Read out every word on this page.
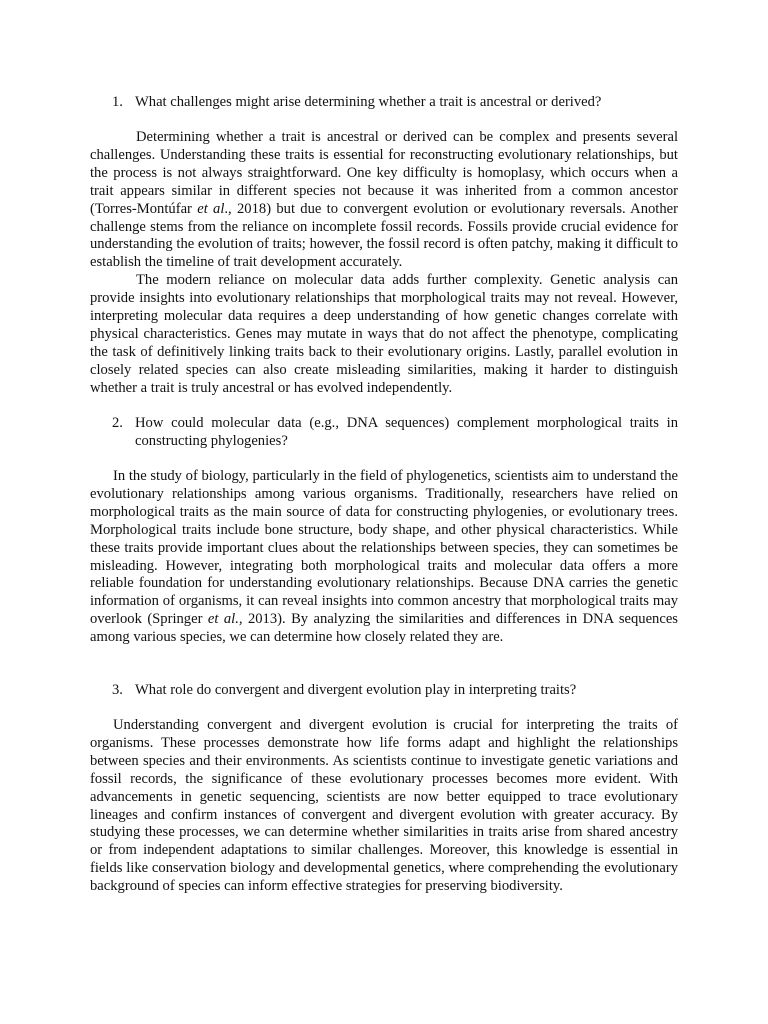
1. What challenges might arise determining whether a trait is ancestral or derived?

Determining whether a trait is ancestral or derived can be complex and presents several challenges. Understanding these traits is essential for reconstructing evolutionary relationships, but the process is not always straightforward. One key difficulty is homoplasy, which occurs when a trait appears similar in different species not because it was inherited from a common ancestor (Torres-Montúfar et al., 2018) but due to convergent evolution or evolutionary reversals. Another challenge stems from the reliance on incomplete fossil records. Fossils provide crucial evidence for understanding the evolution of traits; however, the fossil record is often patchy, making it difficult to establish the timeline of trait development accurately.

The modern reliance on molecular data adds further complexity. Genetic analysis can provide insights into evolutionary relationships that morphological traits may not reveal. However, interpreting molecular data requires a deep understanding of how genetic changes correlate with physical characteristics. Genes may mutate in ways that do not affect the phenotype, complicating the task of definitively linking traits back to their evolutionary origins. Lastly, parallel evolution in closely related species can also create misleading similarities, making it harder to distinguish whether a trait is truly ancestral or has evolved independently.

2. How could molecular data (e.g., DNA sequences) complement morphological traits in constructing phylogenies?

In the study of biology, particularly in the field of phylogenetics, scientists aim to understand the evolutionary relationships among various organisms. Traditionally, researchers have relied on morphological traits as the main source of data for constructing phylogenies, or evolutionary trees. Morphological traits include bone structure, body shape, and other physical characteristics. While these traits provide important clues about the relationships between species, they can sometimes be misleading. However, integrating both morphological traits and molecular data offers a more reliable foundation for understanding evolutionary relationships. Because DNA carries the genetic information of organisms, it can reveal insights into common ancestry that morphological traits may overlook (Springer et al., 2013). By analyzing the similarities and differences in DNA sequences among various species, we can determine how closely related they are.

3. What role do convergent and divergent evolution play in interpreting traits?

Understanding convergent and divergent evolution is crucial for interpreting the traits of organisms. These processes demonstrate how life forms adapt and highlight the relationships between species and their environments. As scientists continue to investigate genetic variations and fossil records, the significance of these evolutionary processes becomes more evident. With advancements in genetic sequencing, scientists are now better equipped to trace evolutionary lineages and confirm instances of convergent and divergent evolution with greater accuracy. By studying these processes, we can determine whether similarities in traits arise from shared ancestry or from independent adaptations to similar challenges. Moreover, this knowledge is essential in fields like conservation biology and developmental genetics, where comprehending the evolutionary background of species can inform effective strategies for preserving biodiversity.
